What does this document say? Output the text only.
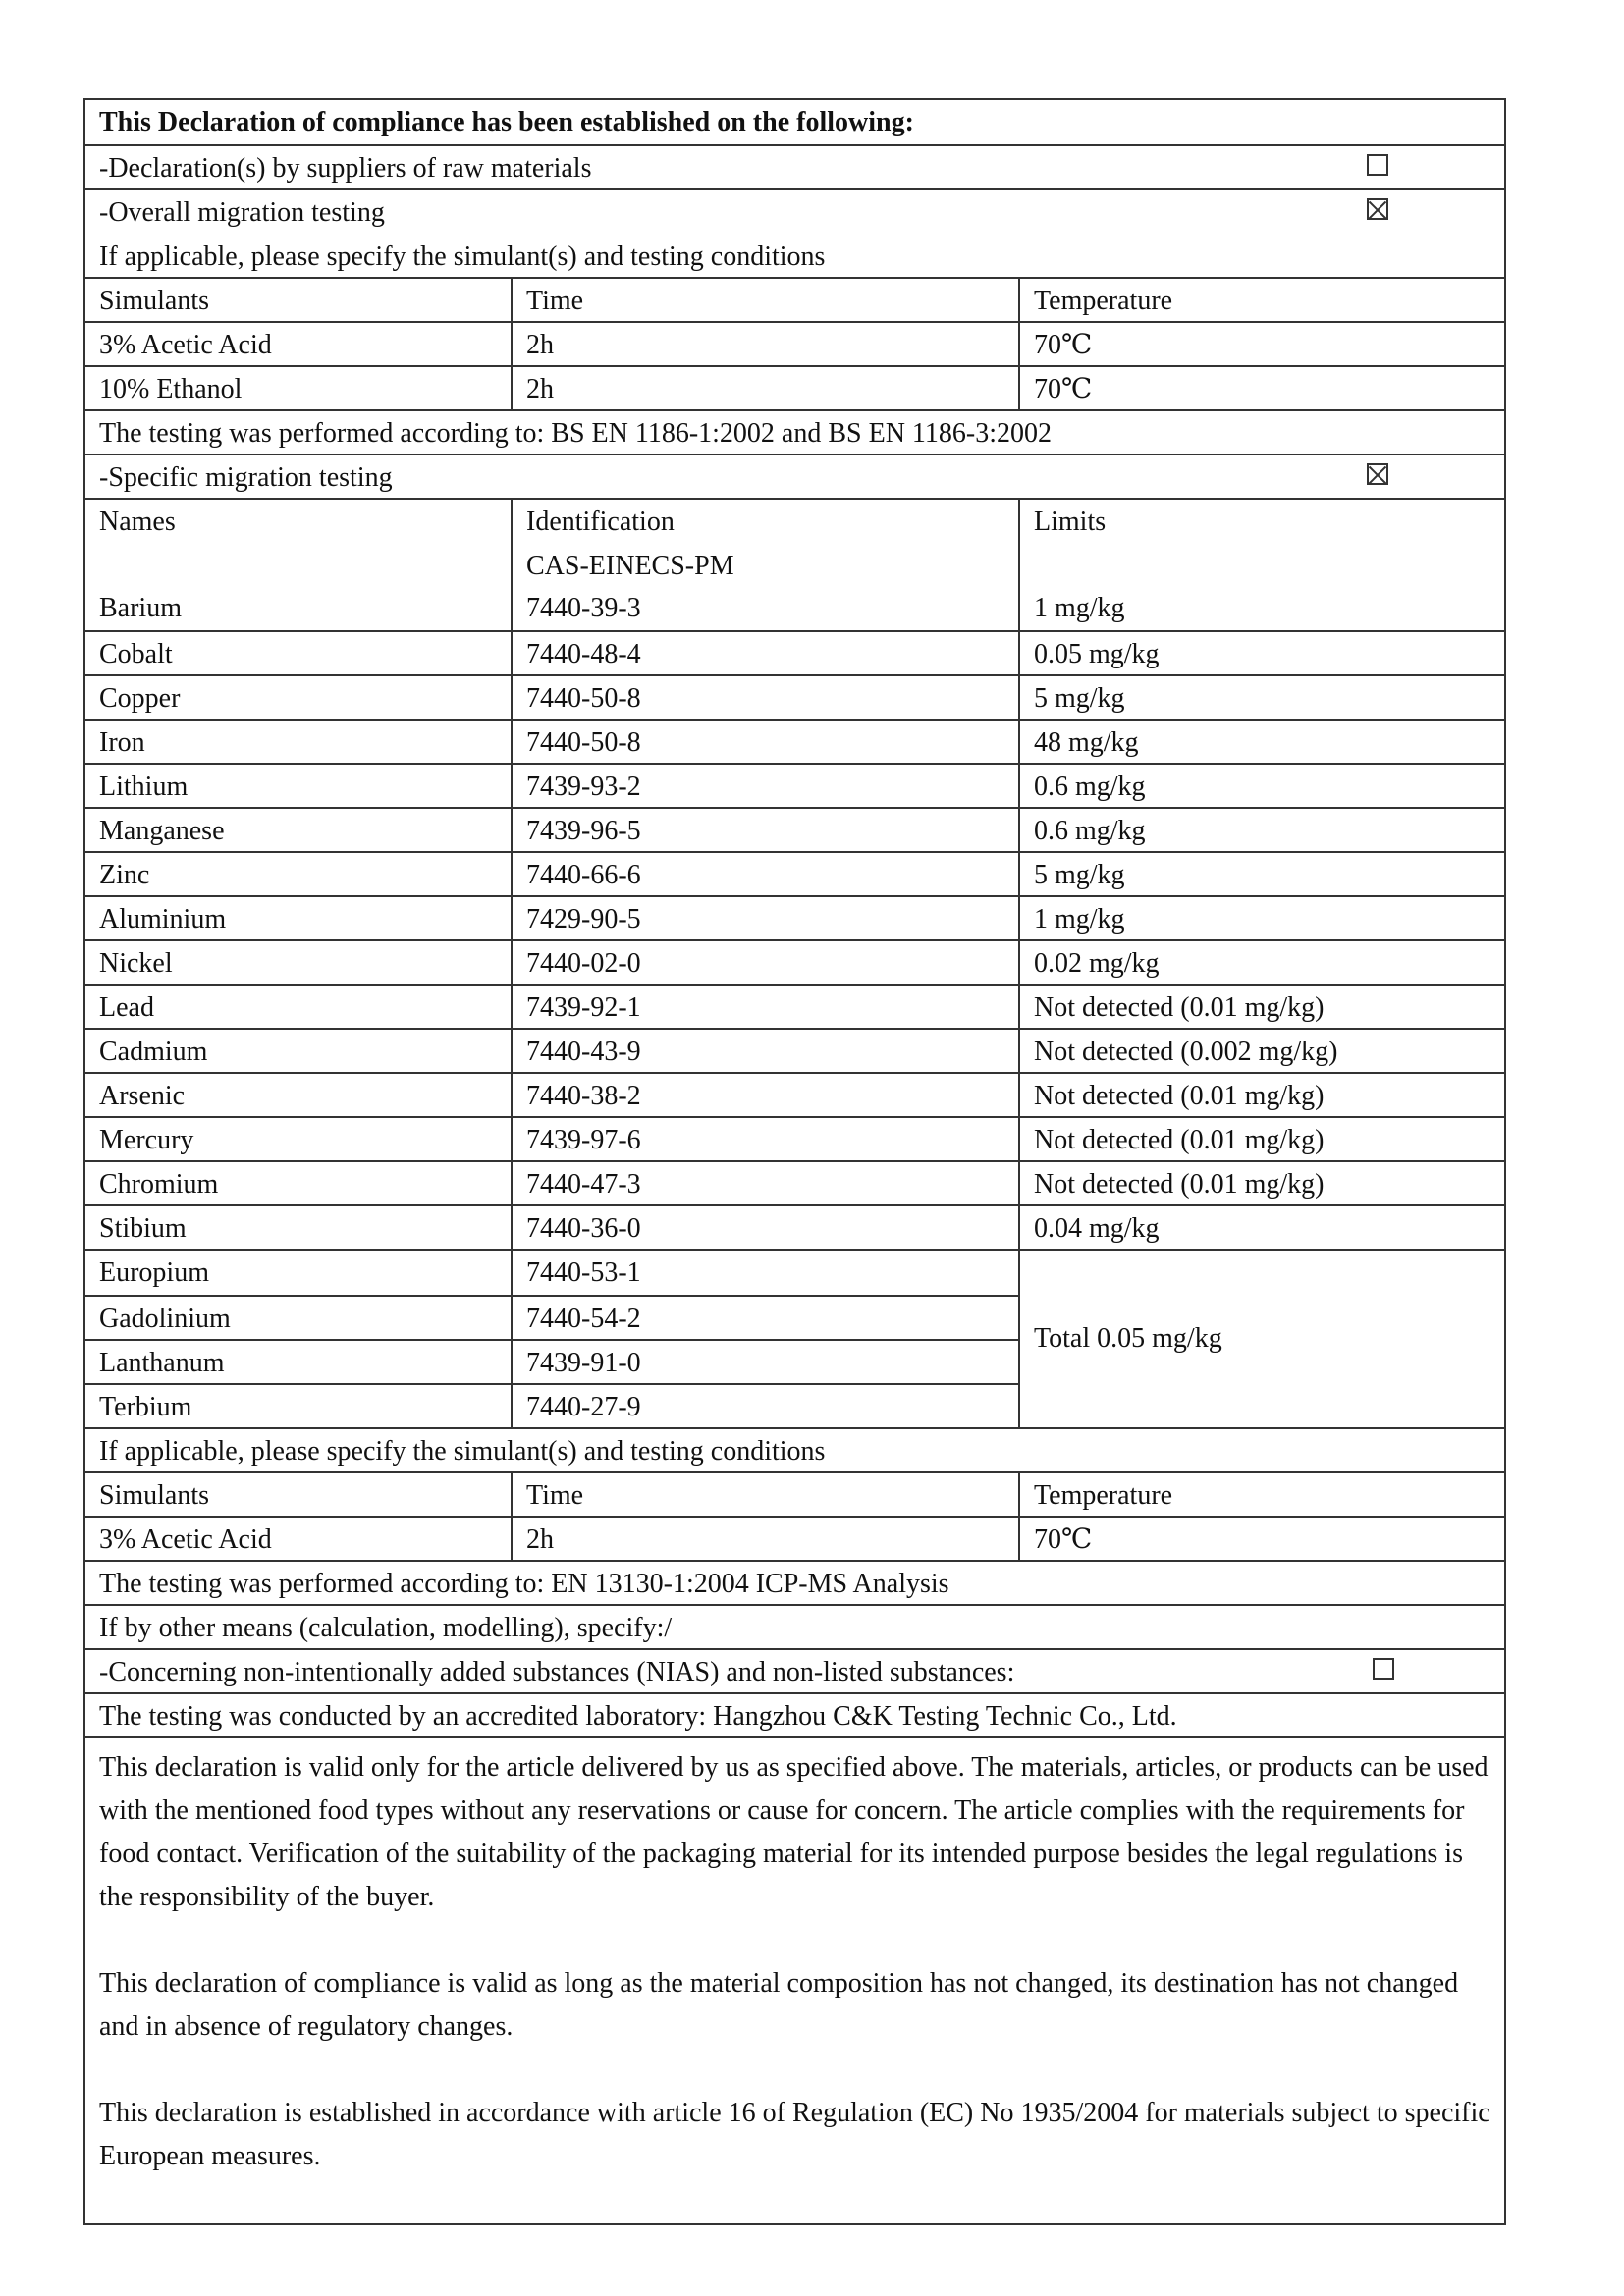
This Declaration of compliance has been established on the following:
-Declaration(s) by suppliers of raw materials
-Overall migration testing
If applicable, please specify the simulant(s) and testing conditions
Simulants	Time	Temperature
3% Acetic Acid	2h	70℃
10% Ethanol	2h	70℃
The testing was performed according to: BS EN 1186-1:2002 and BS EN 1186-3:2002
-Specific migration testing
Names	Identification
CAS-EINECS-PM
Limits
Barium	7440-39-3	1 mg/kg
Cobalt	7440-48-4	0.05 mg/kg
Copper	7440-50-8	5 mg/kg
Iron	7440-50-8	48 mg/kg
Lithium	7439-93-2	0.6 mg/kg
Manganese	7439-96-5	0.6 mg/kg
Zinc	7440-66-6	5 mg/kg
Aluminium	7429-90-5	1 mg/kg
Nickel	7440-02-0	0.02 mg/kg
Lead	7439-92-1	Not detected (0.01 mg/kg)
Cadmium	7440-43-9	Not detected (0.002 mg/kg)
Arsenic	7440-38-2	Not detected (0.01 mg/kg)
Mercury	7439-97-6	Not detected (0.01 mg/kg)
Chromium	7440-47-3	Not detected (0.01 mg/kg)
Stibium	7440-36-0	0.04 mg/kg
Europium	7440-53-1
Gadolinium	7440-54-2
Lanthanum	7439-91-0
Terbium	7440-27-9
Total 0.05 mg/kg
If applicable, please specify the simulant(s) and testing conditions
Simulants	Time	Temperature
3% Acetic Acid	2h	70℃
The testing was performed according to: EN 13130-1:2004 ICP-MS Analysis
If by other means (calculation, modelling), specify:/
-Concerning non-intentionally added substances (NIAS) and non-listed substances:
The testing was conducted by an accredited laboratory: Hangzhou C&K Testing Technic Co., Ltd.

This declaration is valid only for the article delivered by us as specified above. The materials, articles, or products can be used with the mentioned food types without any reservations or cause for concern. The article complies with the requirements for food contact. Verification of the suitability of the packaging material for its intended purpose besides the legal regulations is the responsibility of the buyer.

This declaration of compliance is valid as long as the material composition has not changed, its destination has not changed and in absence of regulatory changes.

This declaration is established in accordance with article 16 of Regulation (EC) No 1935/2004 for materials subject to specific European measures.
